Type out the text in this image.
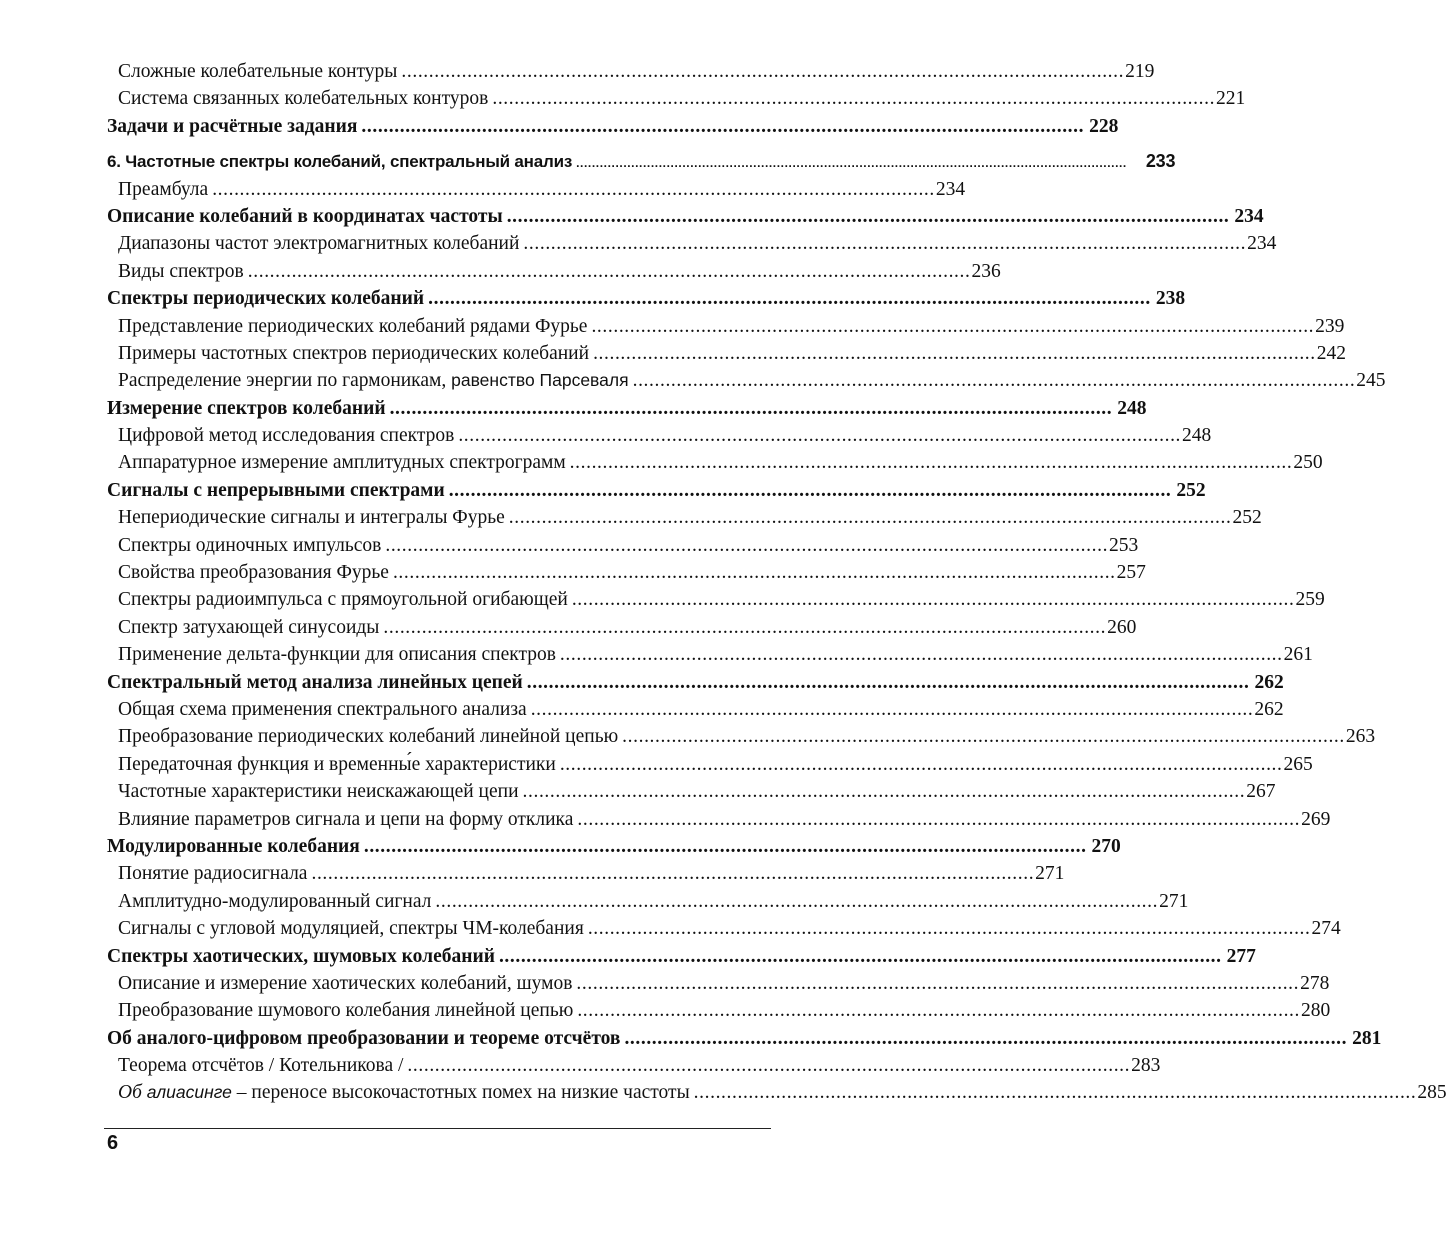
Сложные колебательные контуры .................................................................................................................................... 219
Система связанных колебательных контуров .................................................................................................................................... 221
Задачи и расчётные задания .................................................................................................................................... 228
6. Частотные спектры колебаний, спектральный анализ ............................................................................................................................................	233
Преамбула .................................................................................................................................... 234
Описание колебаний в координатах частоты .................................................................................................................................... 234
Диапазоны частот электромагнитных колебаний .................................................................................................................................... 234
Виды спектров .................................................................................................................................... 236
Спектры периодических колебаний .................................................................................................................................... 238
Представление периодических колебаний рядами Фурье .................................................................................................................................... 239
Примеры частотных спектров периодических колебаний .................................................................................................................................... 242
Распределение энергии по гармоникам, равенство Парсеваля .................................................................................................................................... 245
Измерение спектров колебаний .................................................................................................................................... 248
Цифровой метод исследования спектров .................................................................................................................................... 248
Аппаратурное измерение амплитудных спектрограмм .................................................................................................................................... 250
Сигналы с непрерывными спектрами .................................................................................................................................... 252
Непериодические сигналы и интегралы Фурье .................................................................................................................................... 252
Спектры одиночных импульсов .................................................................................................................................... 253
Свойства преобразования Фурье .................................................................................................................................... 257
Спектры радиоимпульса с прямоугольной огибающей .................................................................................................................................... 259
Спектр затухающей синусоиды .................................................................................................................................... 260
Применение дельта-функции для описания спектров .................................................................................................................................... 261
Спектральный метод анализа линейных цепей .................................................................................................................................... 262
Общая схема применения спектрального анализа .................................................................................................................................... 262
Преобразование периодических колебаний линейной цепью .................................................................................................................................... 263
Передаточная функция и временны́е характеристики .................................................................................................................................... 265
Частотные характеристики неискажающей цепи .................................................................................................................................... 267
Влияние параметров сигнала и цепи на форму отклика .................................................................................................................................... 269
Модулированные колебания .................................................................................................................................... 270
Понятие радиосигнала .................................................................................................................................... 271
Амплитудно-модулированный сигнал .................................................................................................................................... 271
Сигналы с угловой модуляцией, спектры ЧМ-колебания .................................................................................................................................... 274
Спектры хаотических, шумовых колебаний .................................................................................................................................... 277
Описание и измерение хаотических колебаний, шумов .................................................................................................................................... 278
Преобразование шумового колебания линейной цепью .................................................................................................................................... 280
Об аналого-цифровом преобразовании и теореме отсчётов .................................................................................................................................... 281
Теорема отсчётов / Котельникова / .................................................................................................................................... 283
Об алиасинге – переносе высокочастотных помех на низкие частоты .................................................................................................................................... 285
6
